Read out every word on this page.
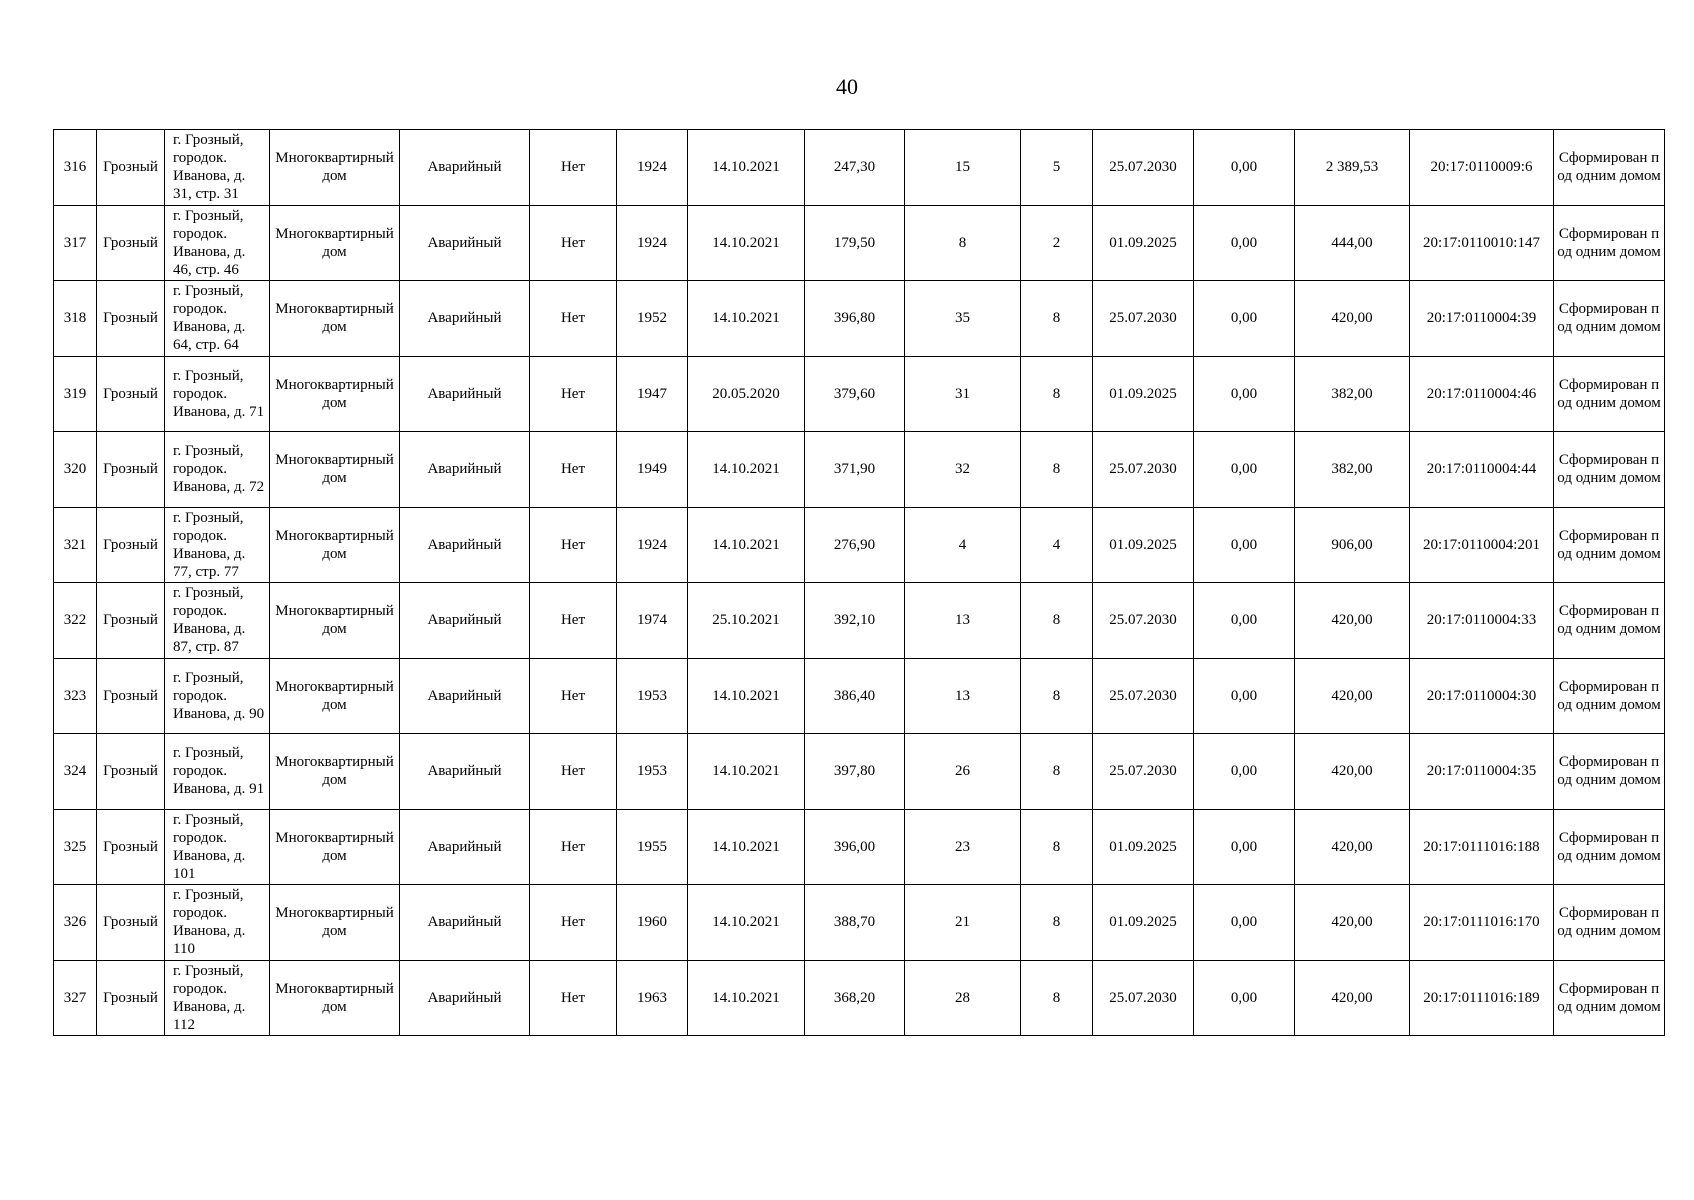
40
316	Грозный	г. Грозный, городок. Иванова, д. 31, стр. 31	Многоквартирный дом	Аварийный	Нет	1924	14.10.2021	247,30	15	5	25.07.2030	0,00	2 389,53	20:17:0110009:6	Сформирован под одним домом
317	Грозный	г. Грозный, городок. Иванова, д. 46, стр. 46	Многоквартирный дом	Аварийный	Нет	1924	14.10.2021	179,50	8	2	01.09.2025	0,00	444,00	20:17:0110010:147	Сформирован под одним домом
318	Грозный	г. Грозный, городок. Иванова, д. 64, стр. 64	Многоквартирный дом	Аварийный	Нет	1952	14.10.2021	396,80	35	8	25.07.2030	0,00	420,00	20:17:0110004:39	Сформирован под одним домом
319	Грозный	г. Грозный, городок. Иванова, д. 71	Многоквартирный дом	Аварийный	Нет	1947	20.05.2020	379,60	31	8	01.09.2025	0,00	382,00	20:17:0110004:46	Сформирован под одним домом
320	Грозный	г. Грозный, городок. Иванова, д. 72	Многоквартирный дом	Аварийный	Нет	1949	14.10.2021	371,90	32	8	25.07.2030	0,00	382,00	20:17:0110004:44	Сформирован под одним домом
321	Грозный	г. Грозный, городок. Иванова, д. 77, стр. 77	Многоквартирный дом	Аварийный	Нет	1924	14.10.2021	276,90	4	4	01.09.2025	0,00	906,00	20:17:0110004:201	Сформирован под одним домом
322	Грозный	г. Грозный, городок. Иванова, д. 87, стр. 87	Многоквартирный дом	Аварийный	Нет	1974	25.10.2021	392,10	13	8	25.07.2030	0,00	420,00	20:17:0110004:33	Сформирован под одним домом
323	Грозный	г. Грозный, городок. Иванова, д. 90	Многоквартирный дом	Аварийный	Нет	1953	14.10.2021	386,40	13	8	25.07.2030	0,00	420,00	20:17:0110004:30	Сформирован под одним домом
324	Грозный	г. Грозный, городок. Иванова, д. 91	Многоквартирный дом	Аварийный	Нет	1953	14.10.2021	397,80	26	8	25.07.2030	0,00	420,00	20:17:0110004:35	Сформирован под одним домом
325	Грозный	г. Грозный, городок. Иванова, д. 101	Многоквартирный дом	Аварийный	Нет	1955	14.10.2021	396,00	23	8	01.09.2025	0,00	420,00	20:17:0111016:188	Сформирован под одним домом
326	Грозный	г. Грозный, городок. Иванова, д. 110	Многоквартирный дом	Аварийный	Нет	1960	14.10.2021	388,70	21	8	01.09.2025	0,00	420,00	20:17:0111016:170	Сформирован под одним домом
327	Грозный	г. Грозный, городок. Иванова, д. 112	Многоквартирный дом	Аварийный	Нет	1963	14.10.2021	368,20	28	8	25.07.2030	0,00	420,00	20:17:0111016:189	Сформирован под одним домом
